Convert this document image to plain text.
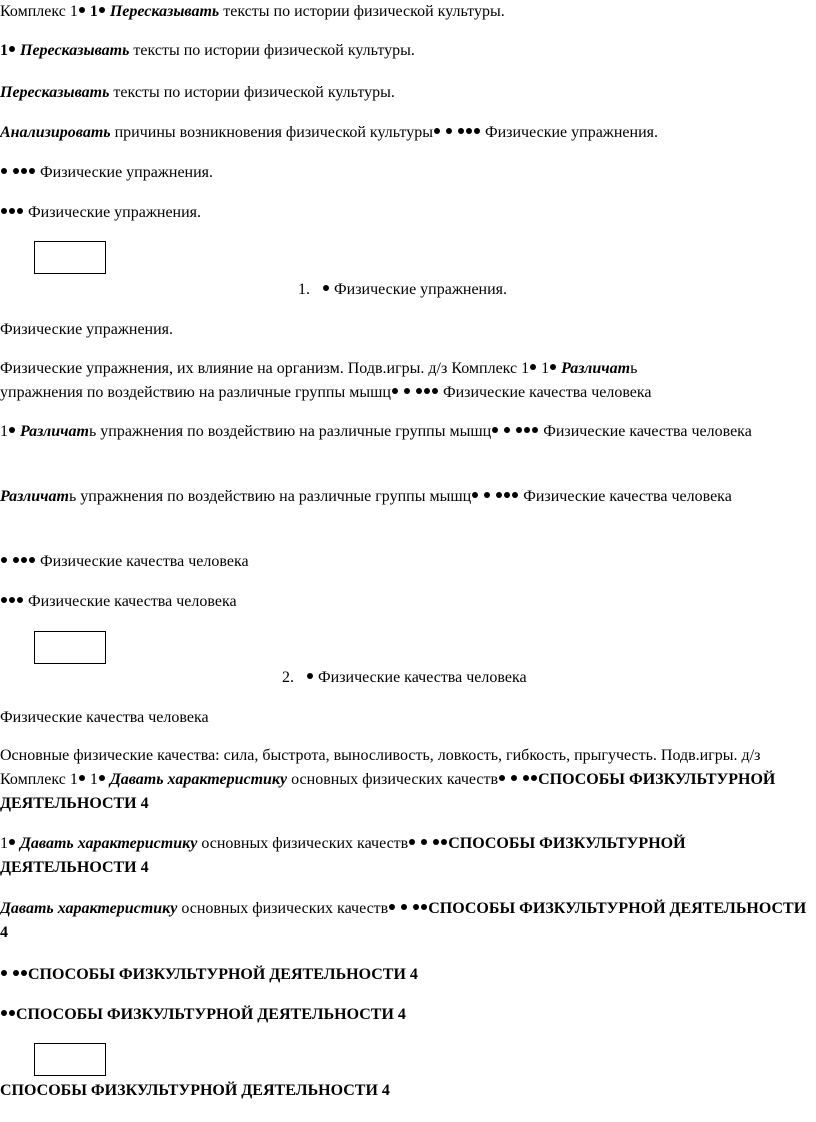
Комплекс 1 1 Пересказывать тексты по истории физической культуры.
1 Пересказывать тексты по истории физической культуры.
Пересказывать тексты по истории физической культуры.
Анализировать причины возникновения физической культуры	Физические упражнения.
Физические упражнения.
Физические упражнения.
1.    Физические упражнения.
Физические упражнения.
Физические упражнения, их влияние на организм. Подв.игры. д/з Комплекс 1 1 Различать
упражнения по воздействию на различные группы мышц	Физические качества человека
1 Различать упражнения по воздействию на различные группы мышц	Физические качества человека
Различать упражнения по воздействию на различные группы мышц	Физические качества человека
Физические качества человека
Физические качества человека
2.    Физические качества человека
Физические качества человека
Основные физические качества: сила, быстрота, выносливость, ловкость, гибкость, прыгучесть. Подв.игры. д/з Комплекс 1 1 Давать характеристику основных физических качеств	СПОСОБЫ ФИЗКУЛЬТУРНОЙ ДЕЯТЕЛЬНОСТИ 4
1 Давать характеристику основных физических качеств	СПОСОБЫ ФИЗКУЛЬТУРНОЙ ДЕЯТЕЛЬНОСТИ 4
Давать характеристику основных физических качеств	СПОСОБЫ ФИЗКУЛЬТУРНОЙ ДЕЯТЕЛЬНОСТИ 4
СПОСОБЫ ФИЗКУЛЬТУРНОЙ ДЕЯТЕЛЬНОСТИ 4
СПОСОБЫ ФИЗКУЛЬТУРНОЙ ДЕЯТЕЛЬНОСТИ 4
СПОСОБЫ ФИЗКУЛЬТУРНОЙ ДЕЯТЕЛЬНОСТИ 4
